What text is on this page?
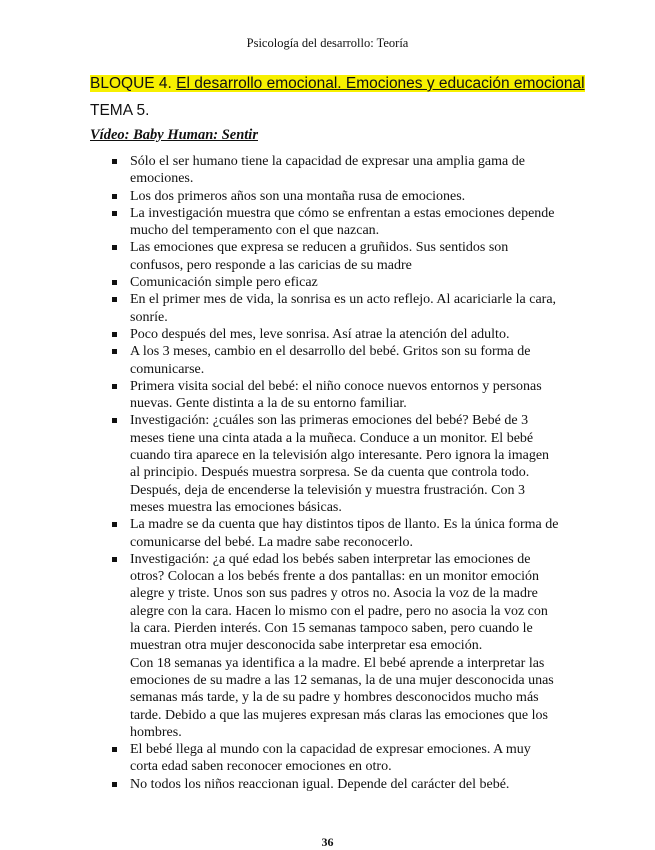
Psicología del desarrollo: Teoría
BLOQUE 4. El desarrollo emocional. Emociones y educación emocional
TEMA 5.
Vídeo: Baby Human: Sentir
Sólo el ser humano tiene la capacidad de expresar una amplia gama de emociones.
Los dos primeros años son una montaña rusa de emociones.
La investigación muestra que cómo se enfrentan a estas emociones depende mucho del temperamento con el que nazcan.
Las emociones que expresa se reducen a gruñidos. Sus sentidos son confusos, pero responde a las caricias de su madre
Comunicación simple pero eficaz
En el primer mes de vida, la sonrisa es un acto reflejo. Al acariciarle la cara, sonríe.
Poco después del mes, leve sonrisa. Así atrae la atención del adulto.
A los 3 meses, cambio en el desarrollo del bebé. Gritos son su forma de comunicarse.
Primera visita social del bebé: el niño conoce nuevos entornos y personas nuevas. Gente distinta a la de su entorno familiar.
Investigación: ¿cuáles son las primeras emociones del bebé? Bebé de 3 meses tiene una cinta atada a la muñeca. Conduce a un monitor. El bebé cuando tira aparece en la televisión algo interesante. Pero ignora la imagen al principio. Después muestra sorpresa. Se da cuenta que controla todo. Después, deja de encenderse la televisión y muestra frustración. Con 3 meses muestra las emociones básicas.
La madre se da cuenta que hay distintos tipos de llanto. Es la única forma de comunicarse del bebé. La madre sabe reconocerlo.
Investigación: ¿a qué edad los bebés saben interpretar las emociones de otros? Colocan a los bebés frente a dos pantallas: en un monitor emoción alegre y triste. Unos son sus padres y otros no. Asocia la voz de la madre alegre con la cara. Hacen lo mismo con el padre, pero no asocia la voz con la cara. Pierden interés. Con 15 semanas tampoco saben, pero cuando le muestran otra mujer desconocida sabe interpretar esa emoción.
Con 18 semanas ya identifica a la madre. El bebé aprende a interpretar las emociones de su madre a las 12 semanas, la de una mujer desconocida unas semanas más tarde, y la de su padre y hombres desconocidos mucho más tarde. Debido a que las mujeres expresan más claras las emociones que los hombres.
El bebé llega al mundo con la capacidad de expresar emociones. A muy corta edad saben reconocer emociones en otro.
No todos los niños reaccionan igual. Depende del carácter del bebé.
36
